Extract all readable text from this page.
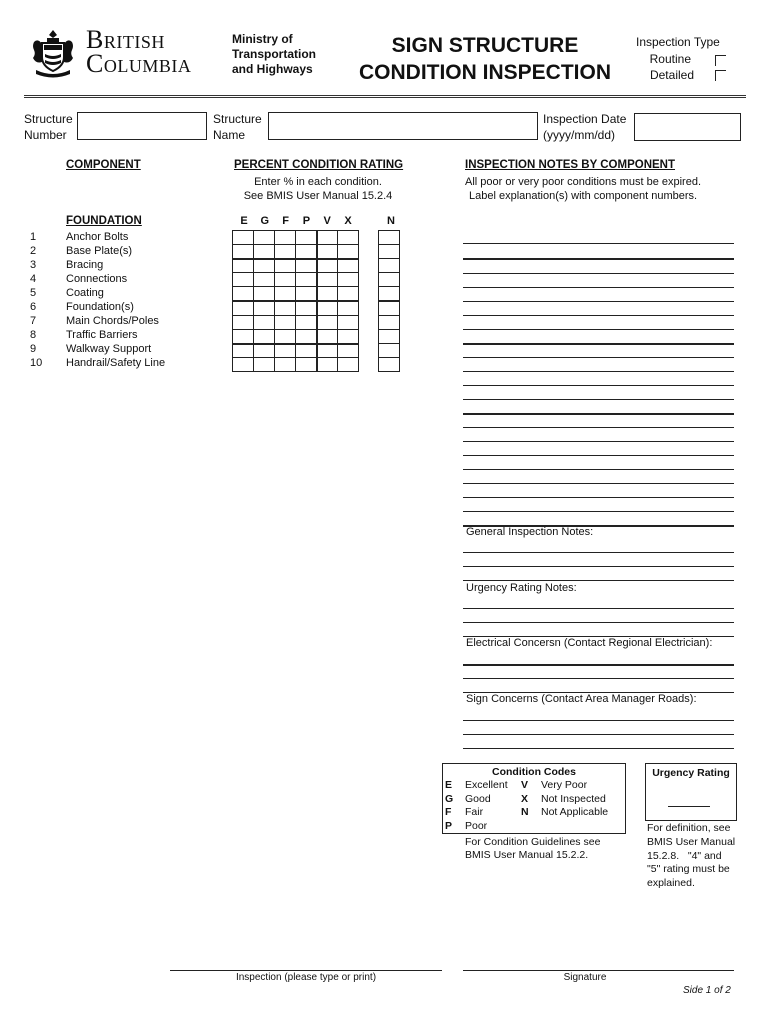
British
Columbia
Ministry of
Transportation
and Highways
SIGN STRUCTURE
CONDITION INSPECTION
Inspection Type
Routine
Detailed
Structure
Number
Structure
Name
Inspection Date
(yyyy/mm/dd)
COMPONENT	PERCENT CONDITION RATING
Enter % in each condition.
See BMIS User Manual 15.2.4
INSPECTION NOTES BY COMPONENT
All poor or very poor conditions must be expired.
Label explanation(s) with component numbers.
FOUNDATION	E	G	F	P	V	X	N
1	Anchor Bolts
2	Base Plate(s)
3	Bracing
4	Connections
5	Coating
6	Foundation(s)
7	Main Chords/Poles
8	Traffic Barriers
9	Walkway Support
10 Handrail/Safety Line
General Inspection Notes:
Urgency Rating Notes:
Electrical Concersn (Contact Regional Electrician):
Sign Concerns (Contact Area Manager Roads):
Condition Codes
E Excellent V Very Poor
G Good	X Not Inspected
F Fair	N Not Applicable
P Poor
For Condition Guidelines see
BMIS User Manual 15.2.2.
Urgency Rating
For definition, see
BMIS User Manual
15.2.8.   "4" and
"5" rating must be
explained.
Inspection (please type or print)	Signature
Side 1 of 2
